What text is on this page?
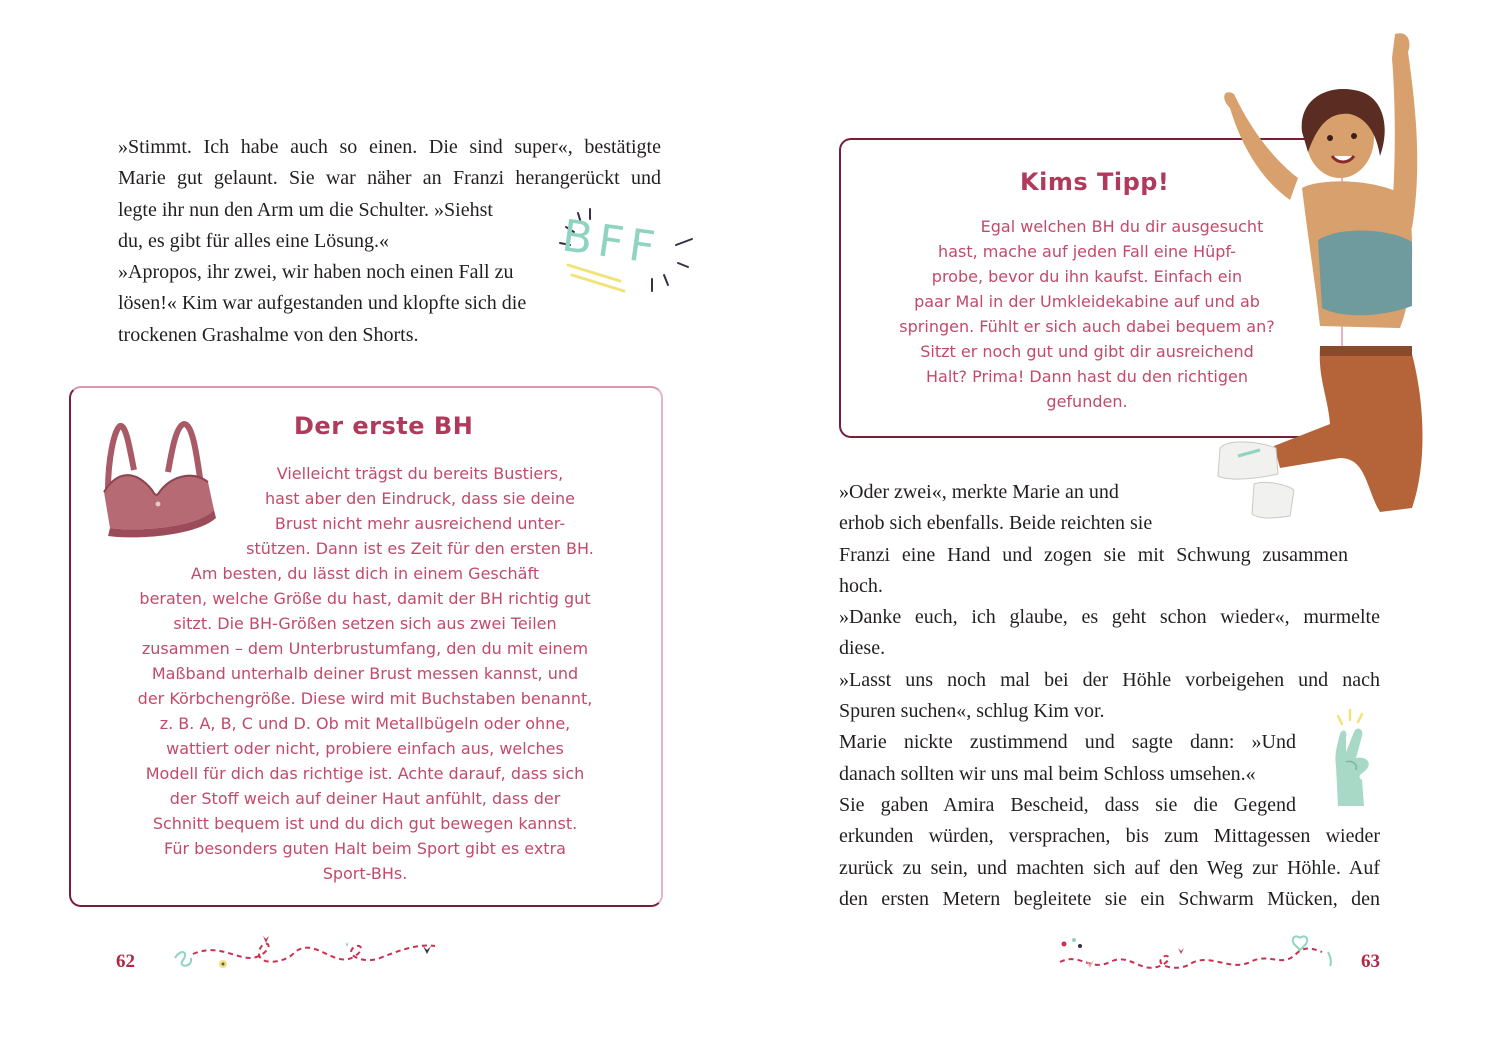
»Stimmt. Ich habe auch so einen. Die sind super«, bestätigte

Marie gut gelaunt. Sie war näher an Franzi herangerückt und

legte ihr nun den Arm um die Schulter. »Siehst

du, es gibt für alles eine Lösung.«

»Apropos, ihr zwei, wir haben noch einen Fall zu

lösen!« Kim war aufgestanden und klopfte sich die

trockenen Grashalme von den Shorts.

BFF
Der erste BH

Vielleicht trägst du bereits Bustiers,

hast aber den Eindruck, dass sie deine

Brust nicht mehr ausreichend unter-

stützen. Dann ist es Zeit für den ersten BH.

Am besten, du lässt dich in einem Geschäft

beraten, welche Größe du hast, damit der BH richtig gut

sitzt. Die BH-Größen setzen sich aus zwei Teilen

zusammen – dem Unterbrustumfang, den du mit einem

Maßband unterhalb deiner Brust messen kannst, und

der Körbchengröße. Diese wird mit Buchstaben benannt,

z. B. A, B, C und D. Ob mit Metallbügeln oder ohne,

wattiert oder nicht, probiere einfach aus, welches

Modell für dich das richtige ist. Achte darauf, dass sich

der Stoff weich auf deiner Haut anfühlt, dass der

Schnitt bequem ist und du dich gut bewegen kannst.

Für besonders guten Halt beim Sport gibt es extra

Sport-BHs.

62
Kims Tipp!

Egal welchen BH du dir ausgesucht

hast, mache auf jeden Fall eine Hüpf-

probe, bevor du ihn kaufst. Einfach ein

paar Mal in der Umkleidekabine auf und ab

springen. Fühlt er sich auch dabei bequem an?

Sitzt er noch gut und gibt dir ausreichend

Halt? Prima! Dann hast du den richtigen

gefunden.

»Oder zwei«, merkte Marie an und

erhob sich ebenfalls. Beide reichten sie

Franzi eine Hand und zogen sie mit Schwung zusammen

hoch.

»Danke euch, ich glaube, es geht schon wieder«, murmelte

diese.

»Lasst uns noch mal bei der Höhle vorbeigehen und nach

Spuren suchen«, schlug Kim vor.

Marie nickte zustimmend und sagte dann: »Und

danach sollten wir uns mal beim Schloss umsehen.«

Sie gaben Amira Bescheid, dass sie die Gegend

erkunden würden, versprachen, bis zum Mittagessen wieder

zurück zu sein, und machten sich auf den Weg zur Höhle. Auf

den ersten Metern begleitete sie ein Schwarm Mücken, den

63
